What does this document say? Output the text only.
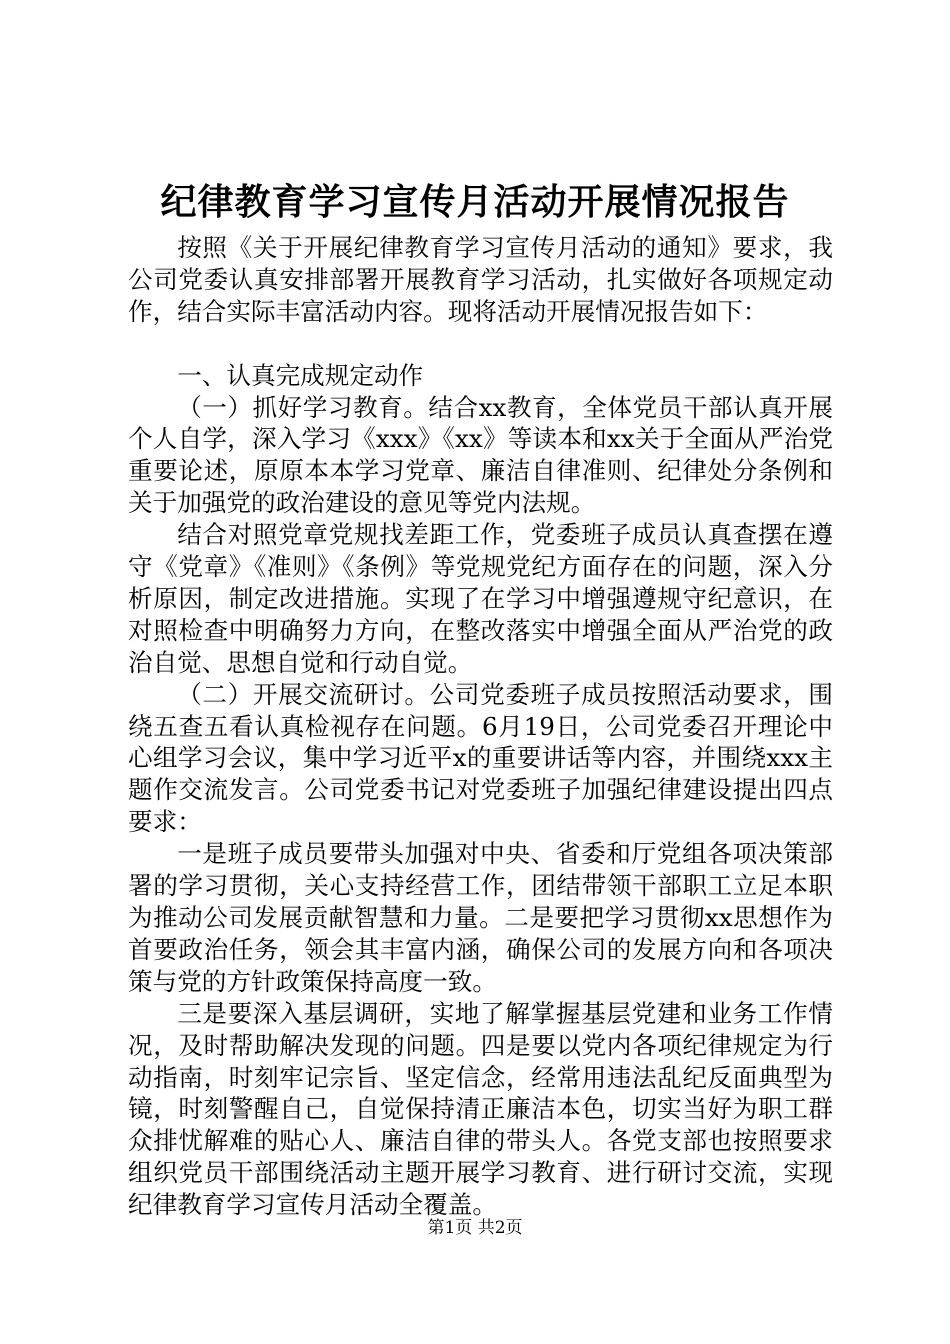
纪律教育学习宣传月活动开展情况报告

按照《关于开展纪律教育学习宣传月活动的通知》要求，我公司党委认真安排部署开展教育学习活动，扎实做好各项规定动作，结合实际丰富活动内容。现将活动开展情况报告如下：

一、认真完成规定动作

（一）抓好学习教育。结合xx教育，全体党员干部认真开展个人自学，深入学习《xxx》《xx》等读本和xx关于全面从严治党重要论述，原原本本学习党章、廉洁自律准则、纪律处分条例和关于加强党的政治建设的意见等党内法规。

结合对照党章党规找差距工作，党委班子成员认真查摆在遵守《党章》《准则》《条例》等党规党纪方面存在的问题，深入分析原因，制定改进措施。实现了在学习中增强遵规守纪意识，在对照检查中明确努力方向，在整改落实中增强全面从严治党的政治自觉、思想自觉和行动自觉。

（二）开展交流研讨。公司党委班子成员按照活动要求，围绕五查五看认真检视存在问题。6月19日，公司党委召开理论中心组学习会议，集中学习近平x的重要讲话等内容，并围绕xxx主题作交流发言。公司党委书记对党委班子加强纪律建设提出四点要求：

一是班子成员要带头加强对中央、省委和厅党组各项决策部署的学习贯彻，关心支持经营工作，团结带领干部职工立足本职为推动公司发展贡献智慧和力量。二是要把学习贯彻xx思想作为首要政治任务，领会其丰富内涵，确保公司的发展方向和各项决策与党的方针政策保持高度一致。

三是要深入基层调研，实地了解掌握基层党建和业务工作情况，及时帮助解决发现的问题。四是要以党内各项纪律规定为行动指南，时刻牢记宗旨、坚定信念，经常用违法乱纪反面典型为镜，时刻警醒自己，自觉保持清正廉洁本色，切实当好为职工群众排忧解难的贴心人、廉洁自律的带头人。各党支部也按照要求组织党员干部围绕活动主题开展学习教育、进行研讨交流，实现纪律教育学习宣传月活动全覆盖。

第1页 共2页
